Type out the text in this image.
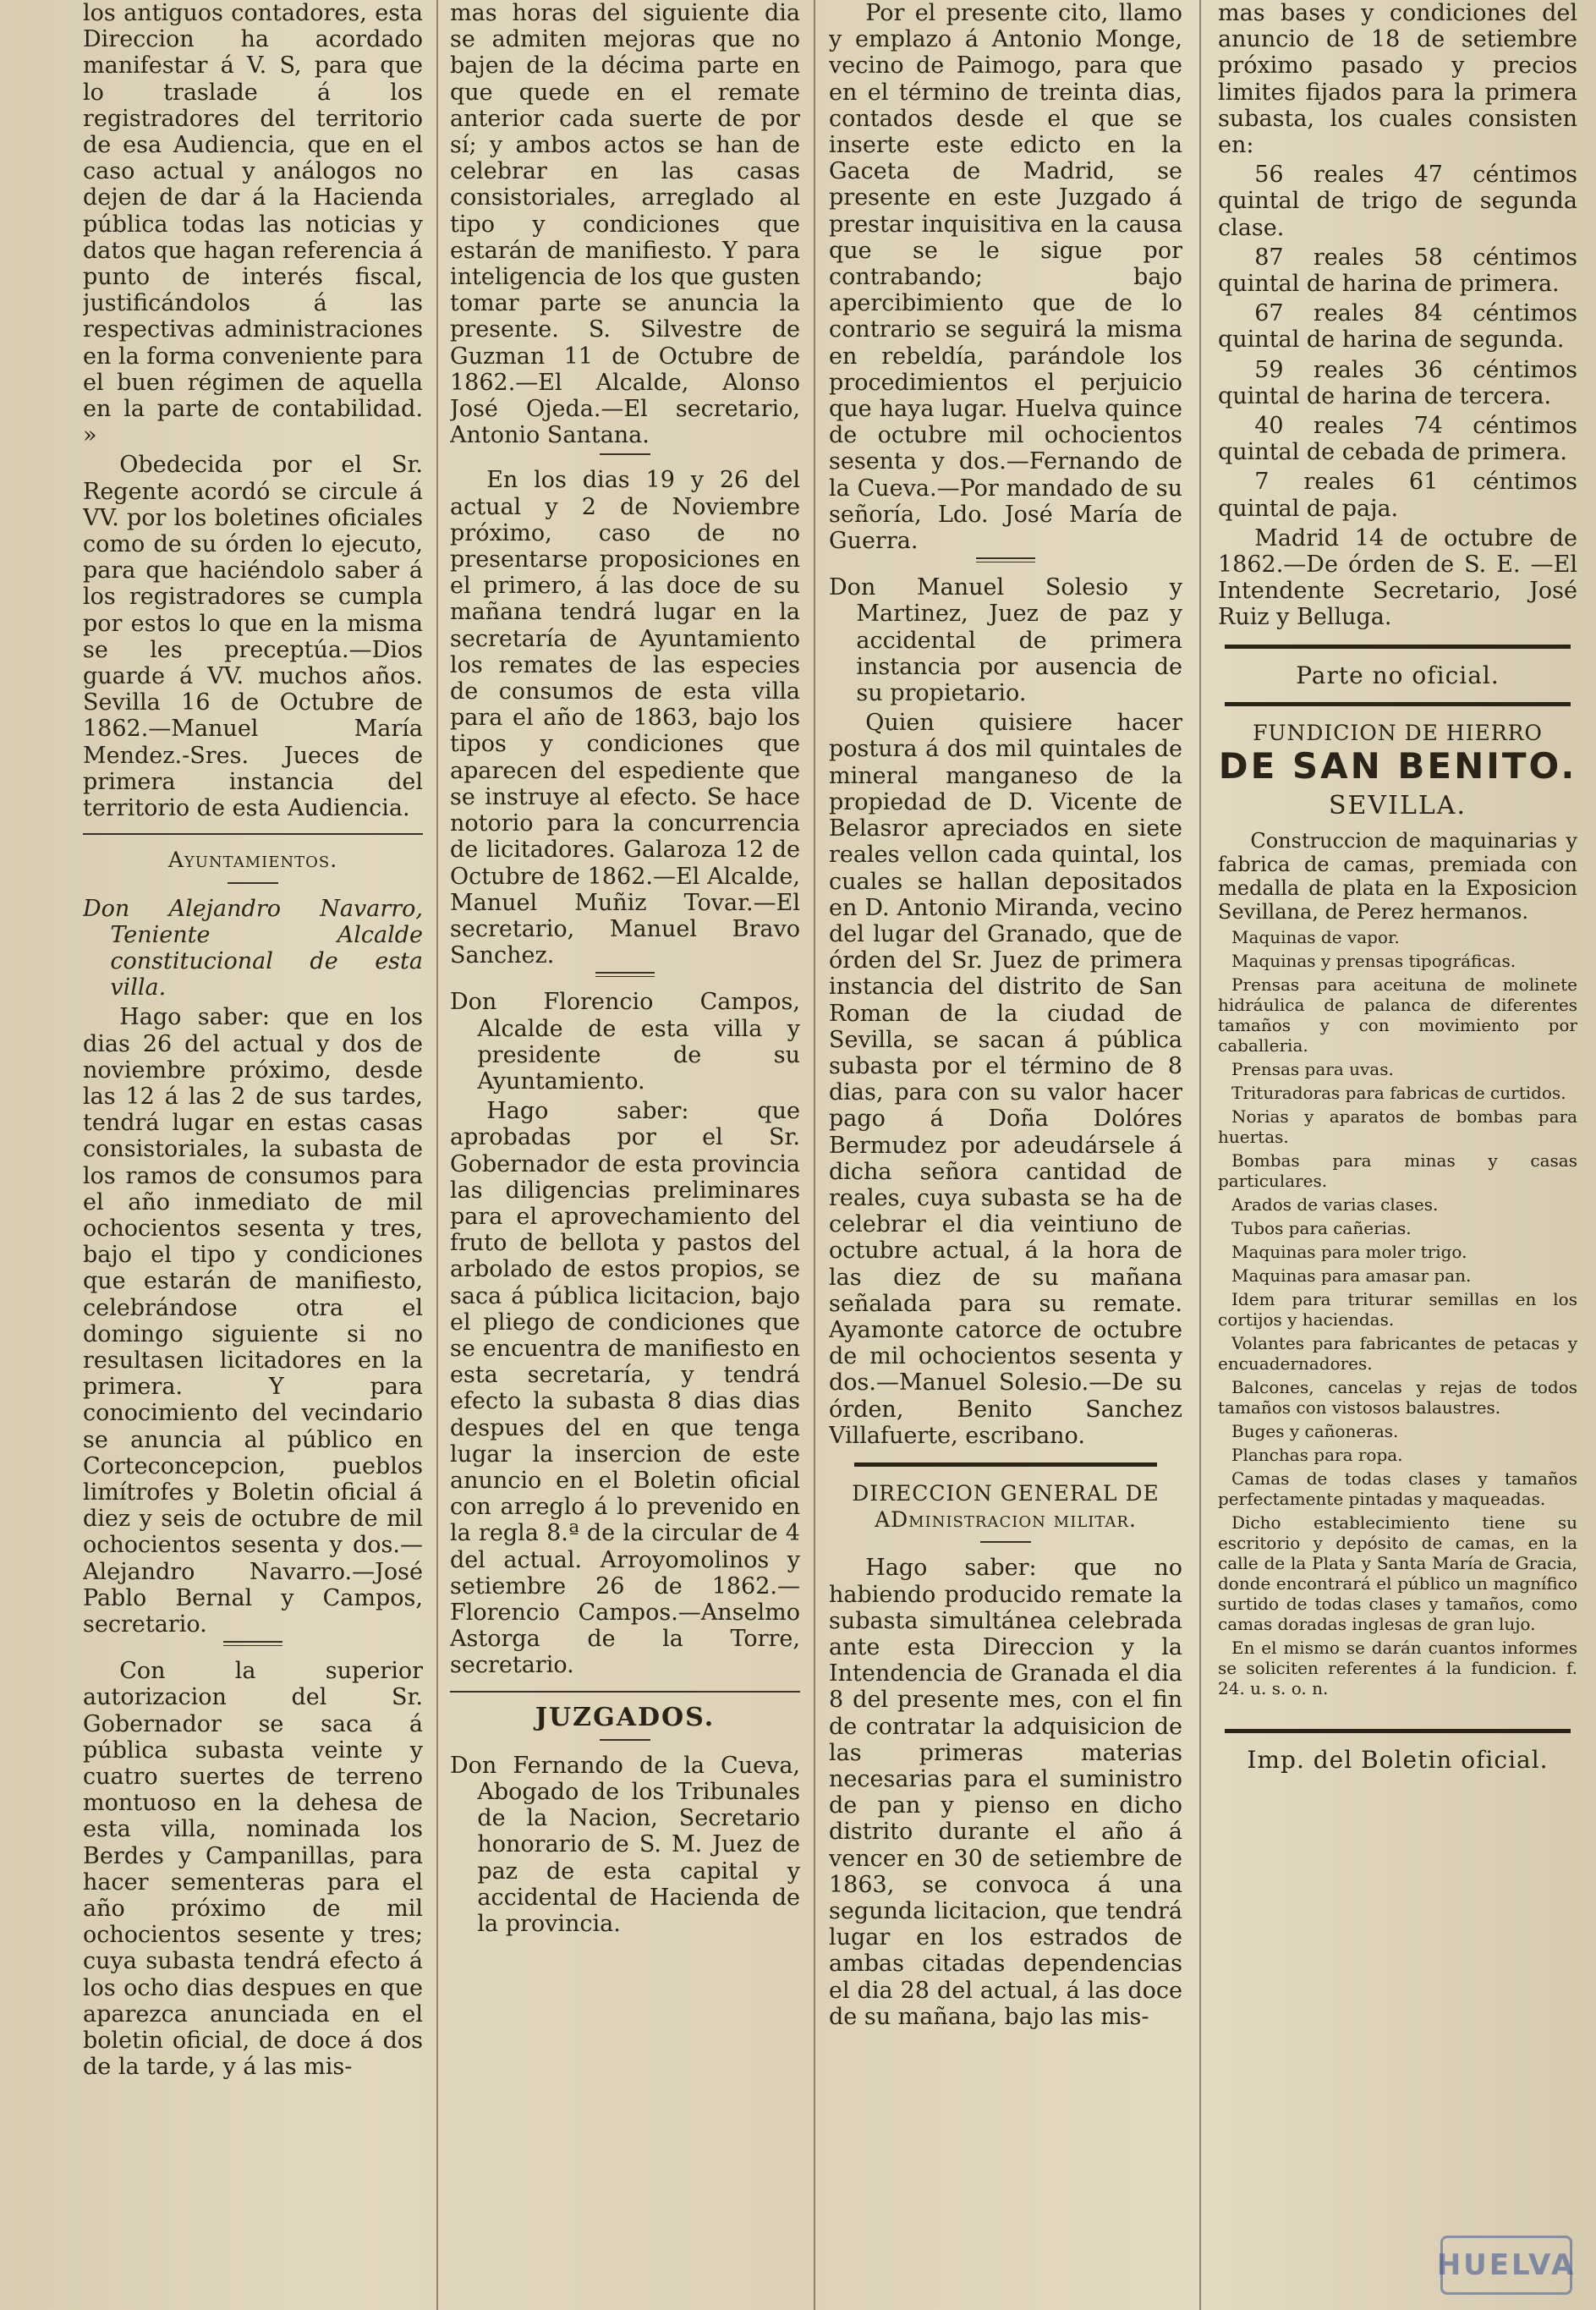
los antiguos contadores, esta Direccion ha acordado manifestar á V. S, para que lo traslade á los registradores del territorio de esa Audiencia, que en el caso actual y análogos no dejen de dar á la Hacienda pública todas las noticias y datos que hagan referencia á punto de interés fiscal, justificándolos á las respectivas administraciones en la forma conveniente para el buen régimen de aquella en la parte de contabilidad. »

Obedecida por el Sr. Regente acordó se circule á VV. por los boletines oficiales como de su órden lo ejecuto, para que haciéndolo saber á los registradores se cumpla por estos lo que en la misma se les preceptúa.—Dios guarde á VV. muchos años. Sevilla 16 de Octubre de 1862.—Manuel María Mendez.-Sres. Jueces de primera instancia del territorio de esta Audiencia.

Ayuntamientos.

Don Alejandro Navarro, Teniente Alcalde constitucional de esta villa.

Hago saber: que en los dias 26 del actual y dos de noviembre próximo, desde las 12 á las 2 de sus tardes, tendrá lugar en estas casas consistoriales, la subasta de los ramos de consumos para el año inmediato de mil ochocientos sesenta y tres, bajo el tipo y condiciones que estarán de manifiesto, celebrándose otra el domingo siguiente si no resultasen licitadores en la primera. Y para conocimiento del vecindario se anuncia al público en Corteconcepcion, pueblos limítrofes y Boletin oficial á diez y seis de octubre de mil ochocientos sesenta y dos.—Alejandro Navarro.—José Pablo Bernal y Campos, secretario.

Con la superior autorizacion del Sr. Gobernador se saca á pública subasta veinte y cuatro suertes de terreno montuoso en la dehesa de esta villa, nominada los Berdes y Campanillas, para hacer sementeras para el año próximo de mil ochocientos sesente y tres; cuya subasta tendrá efecto á los ocho dias despues en que aparezca anunciada en el boletin oficial, de doce á dos de la tarde, y á las mis-

mas horas del siguiente dia se admiten mejoras que no bajen de la décima parte en que quede en el remate anterior cada suerte de por sí; y ambos actos se han de celebrar en las casas consistoriales, arreglado al tipo y condiciones que estarán de manifiesto. Y para inteligencia de los que gusten tomar parte se anuncia la presente. S. Silvestre de Guzman 11 de Octubre de 1862.—El Alcalde, Alonso José Ojeda.—El secretario, Antonio Santana.

En los dias 19 y 26 del actual y 2 de Noviembre próximo, caso de no presentarse proposiciones en el primero, á las doce de su mañana tendrá lugar en la secretaría de Ayuntamiento los remates de las especies de consumos de esta villa para el año de 1863, bajo los tipos y condiciones que aparecen del espediente que se instruye al efecto. Se hace notorio para la concurrencia de licitadores. Galaroza 12 de Octubre de 1862.—El Alcalde, Manuel Muñiz Tovar.—El secretario, Manuel Bravo Sanchez.

Don Florencio Campos, Alcalde de esta villa y presidente de su Ayuntamiento.

Hago saber: que aprobadas por el Sr. Gobernador de esta provincia las diligencias preliminares para el aprovechamiento del fruto de bellota y pastos del arbolado de estos propios, se saca á pública licitacion, bajo el pliego de condiciones que se encuentra de manifiesto en esta secretaría, y tendrá efecto la subasta 8 dias dias despues del en que tenga lugar la insercion de este anuncio en el Boletin oficial con arreglo á lo prevenido en la regla 8.ª de la circular de 4 del actual. Arroyomolinos y setiembre 26 de 1862.—Florencio Campos.—Anselmo Astorga de la Torre, secretario.

JUZGADOS.

Don Fernando de la Cueva, Abogado de los Tribunales de la Nacion, Secretario honorario de S. M. Juez de paz de esta capital y accidental de Hacienda de la provincia.

Por el presente cito, llamo y emplazo á Antonio Monge, vecino de Paimogo, para que en el término de treinta dias, contados desde el que se inserte este edicto en la Gaceta de Madrid, se presente en este Juzgado á prestar inquisitiva en la causa que se le sigue por contrabando; bajo apercibimiento que de lo contrario se seguirá la misma en rebeldía, parándole los procedimientos el perjuicio que haya lugar. Huelva quince de octubre mil ochocientos sesenta y dos.—Fernando de la Cueva.—Por mandado de su señoría, Ldo. José María de Guerra.

Don Manuel Solesio y Martinez, Juez de paz y accidental de primera instancia por ausencia de su propietario.

Quien quisiere hacer postura á dos mil quintales de mineral manganeso de la propiedad de D. Vicente de Belasror apreciados en siete reales vellon cada quintal, los cuales se hallan depositados en D. Antonio Miranda, vecino del lugar del Granado, que de órden del Sr. Juez de primera instancia del distrito de San Roman de la ciudad de Sevilla, se sacan á pública subasta por el término de 8 dias, para con su valor hacer pago á Doña Dolóres Bermudez por adeudársele á dicha señora cantidad de reales, cuya subasta se ha de celebrar el dia veintiuno de octubre actual, á la hora de las diez de su mañana señalada para su remate. Ayamonte catorce de octubre de mil ochocientos sesenta y dos.—Manuel Solesio.—De su órden, Benito Sanchez Villafuerte, escribano.

DIRECCION GENERAL DE ADministracion militar.

Hago saber: que no habiendo producido remate la subasta simultánea celebrada ante esta Direccion y la Intendencia de Granada el dia 8 del presente mes, con el fin de contratar la adquisicion de las primeras materias necesarias para el suministro de pan y pienso en dicho distrito durante el año á vencer en 30 de setiembre de 1863, se convoca á una segunda licitacion, que tendrá lugar en los estrados de ambas citadas dependencias el dia 28 del actual, á las doce de su mañana, bajo las mis-

mas bases y condiciones del anuncio de 18 de setiembre próximo pasado y precios limites fijados para la primera subasta, los cuales consisten en:

56 reales 47 céntimos quintal de trigo de segunda clase.

87 reales 58 céntimos quintal de harina de primera.

67 reales 84 céntimos quintal de harina de segunda.

59 reales 36 céntimos quintal de harina de tercera.

40 reales 74 céntimos quintal de cebada de primera.

7 reales 61 céntimos quintal de paja.

Madrid 14 de octubre de 1862.—De órden de S. E. —El Intendente Secretario, José Ruiz y Belluga.

Parte no oficial.

FUNDICION DE HIERRO

DE SAN BENITO.

SEVILLA.

Construccion de maquinarias y fabrica de camas, premiada con medalla de plata en la Exposicion Sevillana, de Perez hermanos.

Maquinas de vapor.

Maquinas y prensas tipográficas.

Prensas para aceituna de molinete hidráulica de palanca de diferentes tamaños y con movimiento por caballeria.

Prensas para uvas.

Trituradoras para fabricas de curtidos.

Norias y aparatos de bombas para huertas.

Bombas para minas y casas particulares.

Arados de varias clases.

Tubos para cañerias.

Maquinas para moler trigo.

Maquinas para amasar pan.

Idem para triturar semillas en los cortijos y haciendas.

Volantes para fabricantes de petacas y encuadernadores.

Balcones, cancelas y rejas de todos tamaños con vistosos balaustres.

Buges y cañoneras.

Planchas para ropa.

Camas de todas clases y tamaños perfectamente pintadas y maqueadas.

Dicho establecimiento tiene su escritorio y depósito de camas, en la calle de la Plata y Santa María de Gracia, donde encontrará el público un magnífico surtido de todas clases y tamaños, como camas doradas inglesas de gran lujo.

En el mismo se darán cuantos informes se soliciten referentes á la fundicion. f. 24. u. s. o. n.

Imp. del Boletin oficial.

HUELVA
